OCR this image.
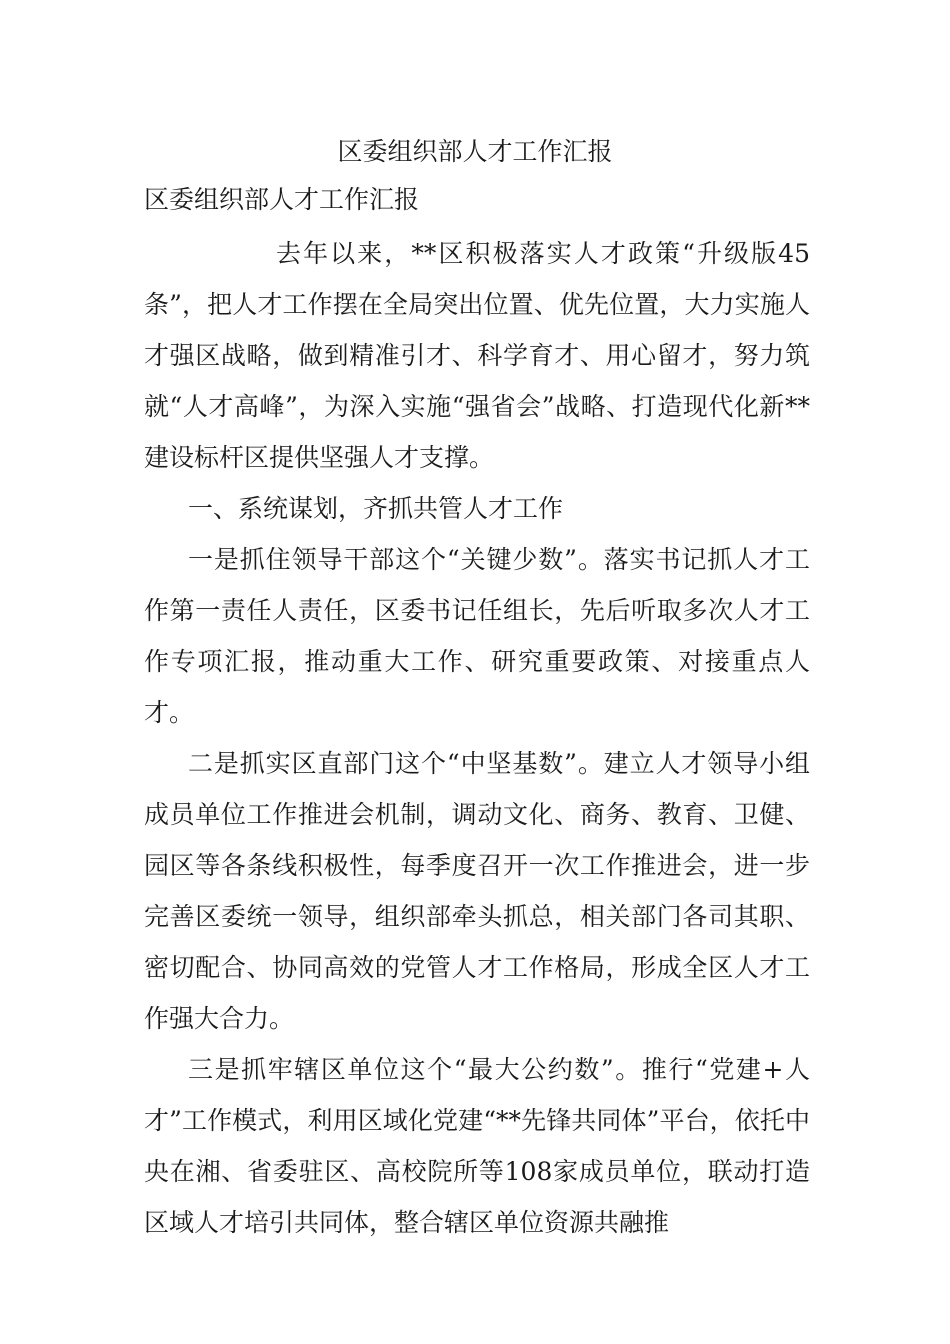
区委组织部人才工作汇报
区委组织部人才工作汇报

去年以来，**区积极落实人才政策“升级版45条”，把人才工作摆在全局突出位置、优先位置，大力实施人才强区战略，做到精准引才、科学育才、用心留才，努力筑就“人才高峰”，为深入实施“强省会”战略、打造现代化新**建设标杆区提供坚强人才支撑。

一、系统谋划，齐抓共管人才工作

一是抓住领导干部这个“关键少数”。落实书记抓人才工作第一责任人责任，区委书记任组长，先后听取多次人才工作专项汇报，推动重大工作、研究重要政策、对接重点人才。

二是抓实区直部门这个“中坚基数”。建立人才领导小组成员单位工作推进会机制，调动文化、商务、教育、卫健、园区等各条线积极性，每季度召开一次工作推进会，进一步完善区委统一领导，组织部牵头抓总，相关部门各司其职、密切配合、协同高效的党管人才工作格局，形成全区人才工作强大合力。

三是抓牢辖区单位这个“最大公约数”。推行“党建+人才”工作模式，利用区域化党建“**先锋共同体”平台，依托中央在湘、省委驻区、高校院所等108家成员单位，联动打造区域人才培引共同体，整合辖区单位资源共融推
